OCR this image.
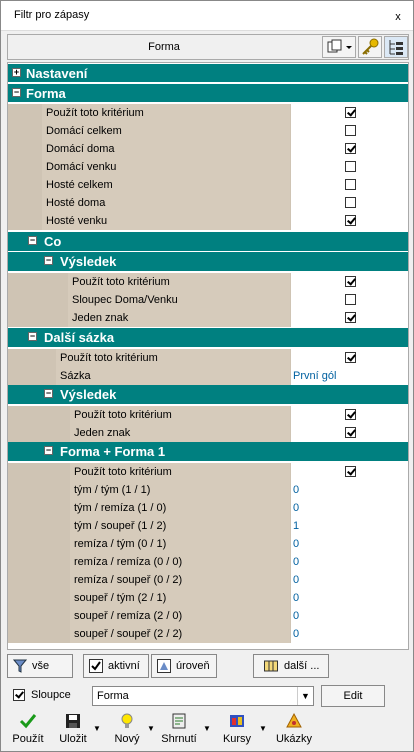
Filtr pro zápasy	x
Forma
+ Nastavení
− Forma
Použít toto kritérium
Domácí celkem
Domácí doma
Domácí venku
Hosté celkem
Hosté doma
Hosté venku
− Co
− Výsledek
Použít toto kritérium
Sloupec Doma/Venku
Jeden znak
− Další sázka
Použít toto kritérium
Sázka	První gól
− Výsledek
Použít toto kritérium
Jeden znak
− Forma + Forma 1
Použít toto kritérium
tým / tým (1 / 1)	0
tým / remíza (1 / 0)	0
tým / soupeř (1 / 2)	1
remíza / tým (0 / 1)	0
remíza / remíza (0 / 0)	0
remíza / soupeř (0 / 2)	0
soupeř / tým (2 / 1)	0
soupeř / remíza (2 / 0)	0
soupeř / soupeř (2 / 2)	0
vše	aktivní	úroveň	další ...
Sloupce	Forma	▼	Edit
Použít	Uložit
▼
Nový
▼
Shrnutí
▼
Kursy
▼
Ukázky
